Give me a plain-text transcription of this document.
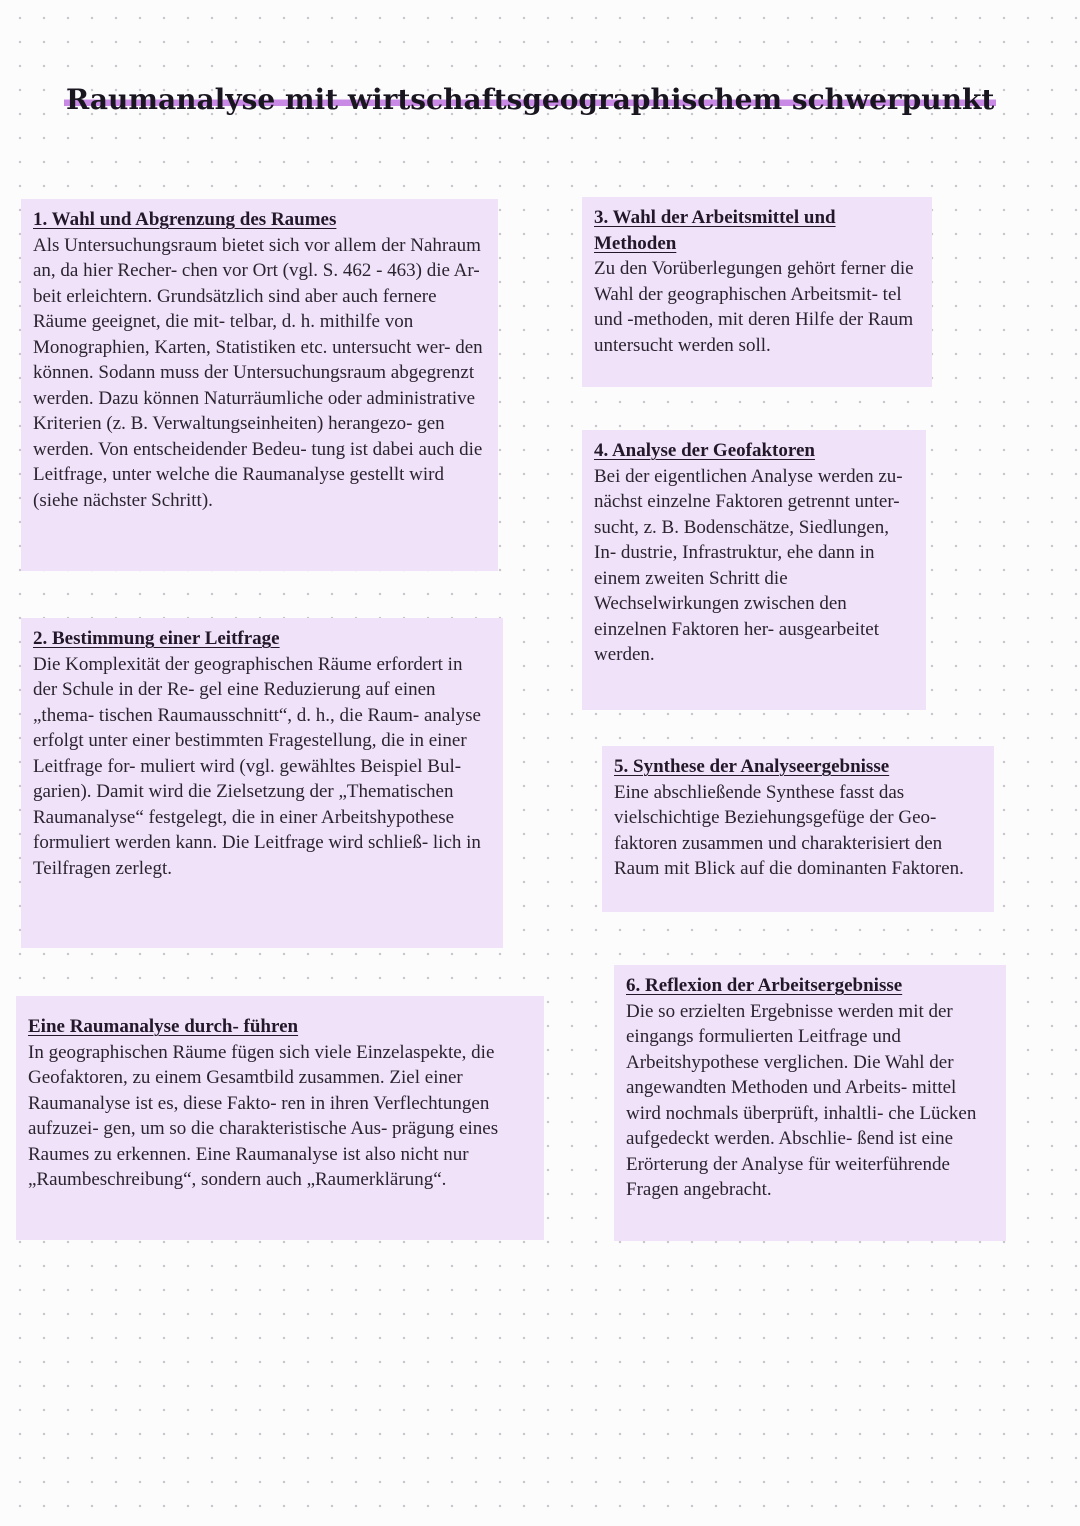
Raumanalyse mit wirtschaftsgeographischem schwerpunkt
1. Wahl und Abgrenzung des Raumes

Als Untersuchungsraum bietet sich vor allem der Nahraum an, da hier Recher- chen vor Ort (vgl. S. 462 - 463) die Ar- beit erleichtern. Grundsätzlich sind aber auch fernere Räume geeignet, die mit- telbar, d. h. mithilfe von Monographien, Karten, Statistiken etc. untersucht wer- den können. Sodann muss der Untersuchungsraum abgegrenzt werden. Dazu können Naturräumliche oder administrative Kriterien (z. B. Verwaltungseinheiten) herangezo- gen werden. Von entscheidender Bedeu- tung ist dabei auch die Leitfrage, unter welche die Raumanalyse gestellt wird (siehe nächster Schritt).

2. Bestimmung einer Leitfrage

Die Komplexität der geographischen Räume erfordert in der Schule in der Re- gel eine Reduzierung auf einen „thema- tischen Raumausschnitt“, d. h., die Raum- analyse erfolgt unter einer bestimmten Fragestellung, die in einer Leitfrage for- muliert wird (vgl. gewähltes Beispiel Bul- garien). Damit wird die Zielsetzung der „Thematischen Raumanalyse“ festgelegt, die in einer Arbeitshypothese formuliert werden kann. Die Leitfrage wird schließ- lich in Teilfragen zerlegt.

3. Wahl der Arbeitsmittel und Methoden

Zu den Vorüberlegungen gehört ferner die Wahl der geographischen Arbeitsmit- tel und -methoden, mit deren Hilfe der Raum untersucht werden soll.

4. Analyse der Geofaktoren

Bei der eigentlichen Analyse werden zu- nächst einzelne Faktoren getrennt unter- sucht, z. B. Bodenschätze, Siedlungen, In- dustrie, Infrastruktur, ehe dann in einem zweiten Schritt die Wechselwirkungen zwischen den einzelnen Faktoren her- ausgearbeitet werden.

5. Synthese der Analyseergebnisse

Eine abschließende Synthese fasst das vielschichtige Beziehungsgefüge der Geo- faktoren zusammen und charakterisiert den Raum mit Blick auf die dominanten Faktoren.

6. Reflexion der Arbeitsergebnisse

Die so erzielten Ergebnisse werden mit der eingangs formulierten Leitfrage und Arbeitshypothese verglichen. Die Wahl der angewandten Methoden und Arbeits- mittel wird nochmals überprüft, inhaltli- che Lücken aufgedeckt werden. Abschlie- ßend ist eine Erörterung der Analyse für weiterführende Fragen angebracht.

Eine Raumanalyse durch- führen

In geographischen Räume fügen sich viele Einzelaspekte, die Geofaktoren, zu einem Gesamtbild zusammen. Ziel einer Raumanalyse ist es, diese Fakto- ren in ihren Verflechtungen aufzuzei- gen, um so die charakteristische Aus- prägung eines Raumes zu erkennen. Eine Raumanalyse ist also nicht nur „Raumbeschreibung“, sondern auch „Raumerklärung“.
